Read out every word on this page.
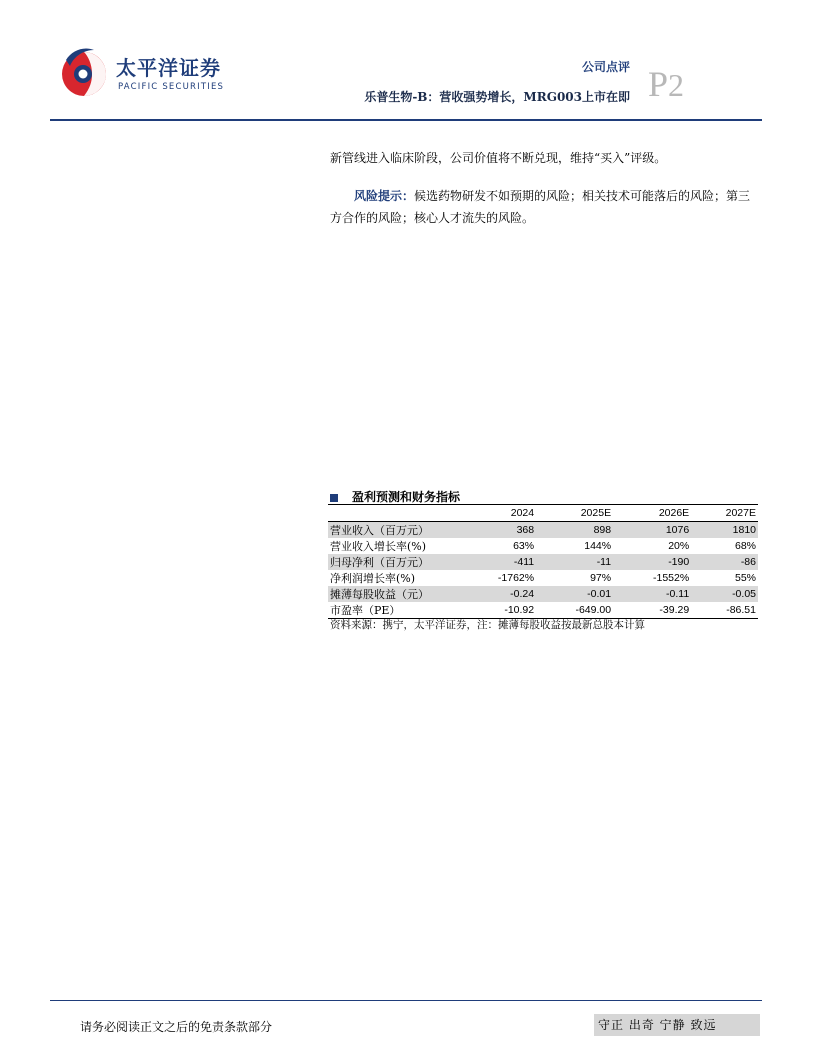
太平洋证券
PACIFIC SECURITIES
公司点评
乐普生物-B：营收强势增长，MRG003上市在即 P2
新管线进入临床阶段，公司价值将不断兑现，维持“买入”评级。
风险提示：候选药物研发不如预期的风险；相关技术可能落后的风险；第三方合作的风险；核心人才流失的风险。
盈利预测和财务指标
	2024	2025E	2026E	2027E
营业收入（百万元）	368	898	1076	1810
营业收入增长率(%)	63%	144%	20%	68%
归母净利（百万元）	-411	-11	-190	-86
净利润增长率(%)	-1762%	97%	-1552%	55%
摊薄每股收益（元）	-0.24	-0.01	-0.11	-0.05
市盈率（PE）	-10.92	-649.00	-39.29	-86.51
资料来源：携宁，太平洋证券，注：摊薄每股收益按最新总股本计算
请务必阅读正文之后的免责条款部分	守正 出奇 宁静 致远
